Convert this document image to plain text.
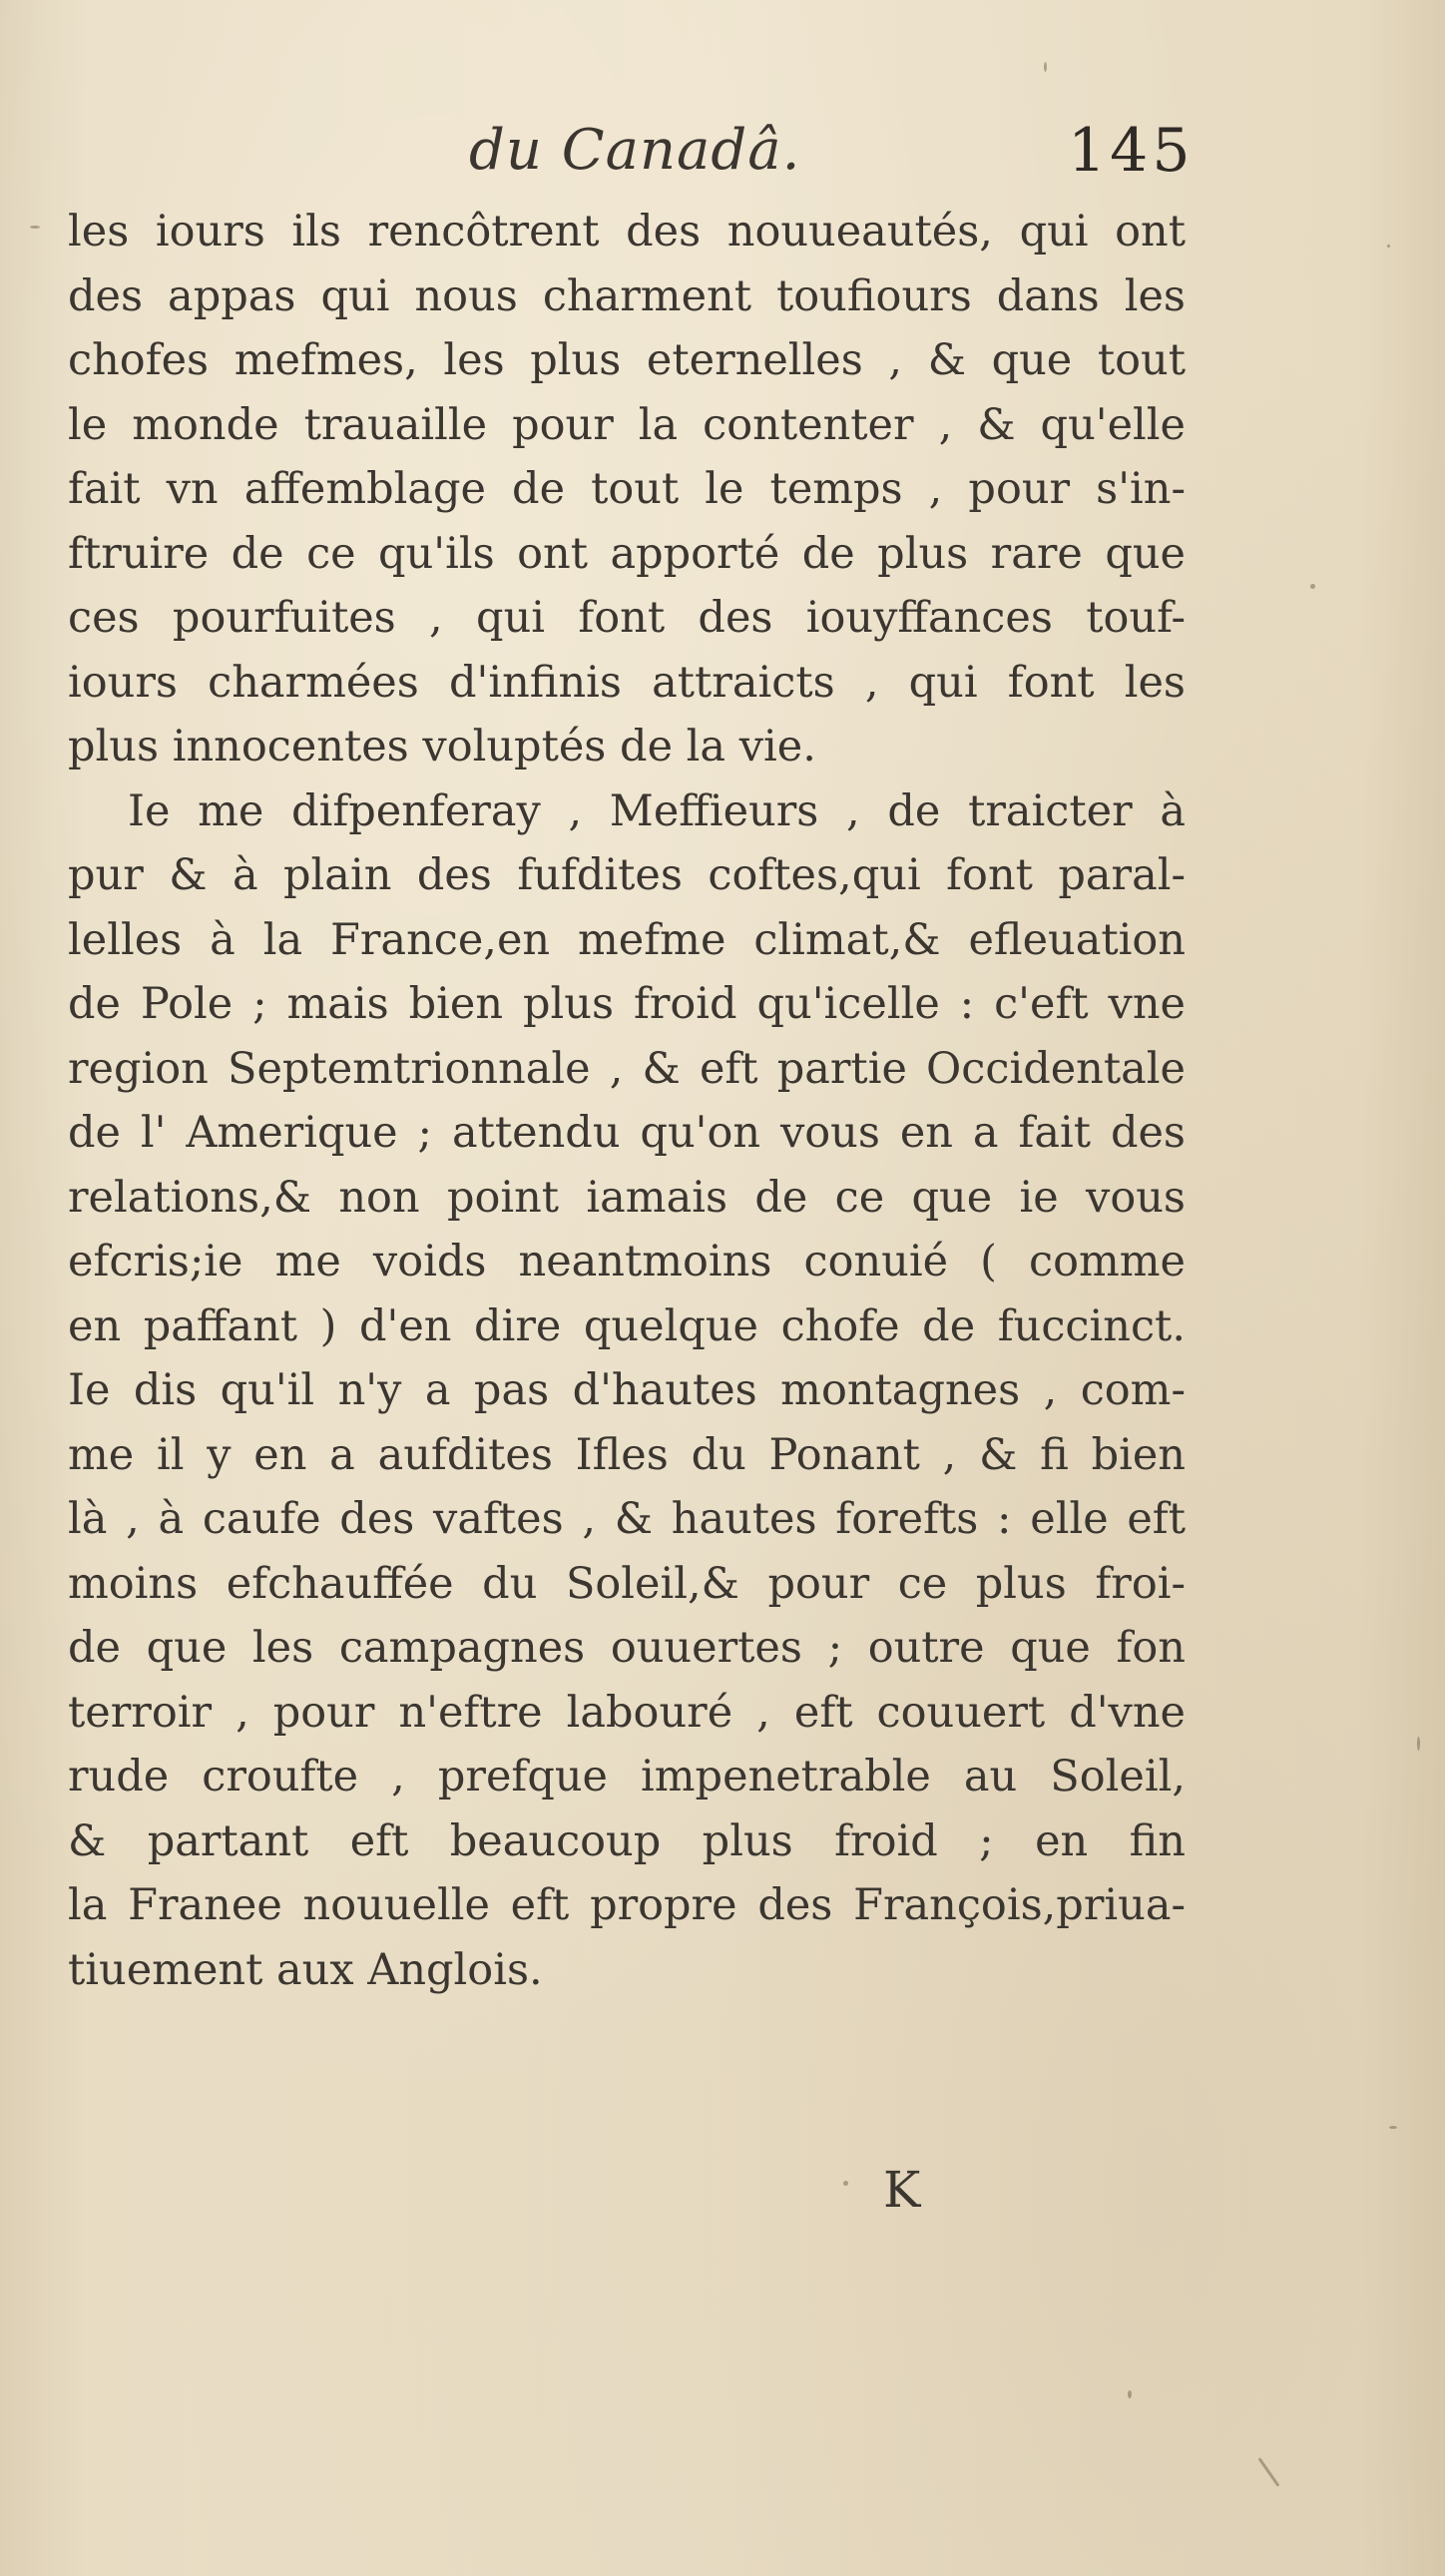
du Canadâ.	145
les iours ils rencôtrent des nouueautés, qui ont
des appas qui nous charment toufiours dans les
chofes mefmes, les plus eternelles , & que tout
le monde trauaille pour la contenter , & qu'elle
fait vn affemblage de tout le temps , pour s'in-
ftruire de ce qu'ils ont apporté de plus rare que
ces pourfuites , qui font des iouyffances touf-
iours charmées d'infinis attraicts , qui font les
plus innocentes voluptés de la vie.
Ie me difpenferay , Meffieurs , de traicter à
pur & à plain des fufdites coftes,qui font paral-
lelles à la France,en mefme climat,& efleuation
de Pole ; mais bien plus froid qu'icelle : c'eft vne
region Septemtrionnale , & eft partie Occidentale
de l' Amerique ; attendu qu'on vous en a fait des
relations,& non point iamais de ce que ie vous
efcris;ie me voids neantmoins conuié ( comme
en paffant ) d'en dire quelque chofe de fuccinct.
Ie dis qu'il n'y a pas d'hautes montagnes , com-
me il y en a aufdites Ifles du Ponant , & fi bien
là , à caufe des vaftes , & hautes forefts : elle eft
moins efchauffée du Soleil,& pour ce plus froi-
de que les campagnes ouuertes ; outre que fon
terroir , pour n'eftre labouré , eft couuert d'vne
rude croufte , prefque impenetrable au Soleil,
& partant eft beaucoup plus froid ; en fin
la Franee nouuelle eft propre des François,priua-
tiuement aux Anglois.
K
